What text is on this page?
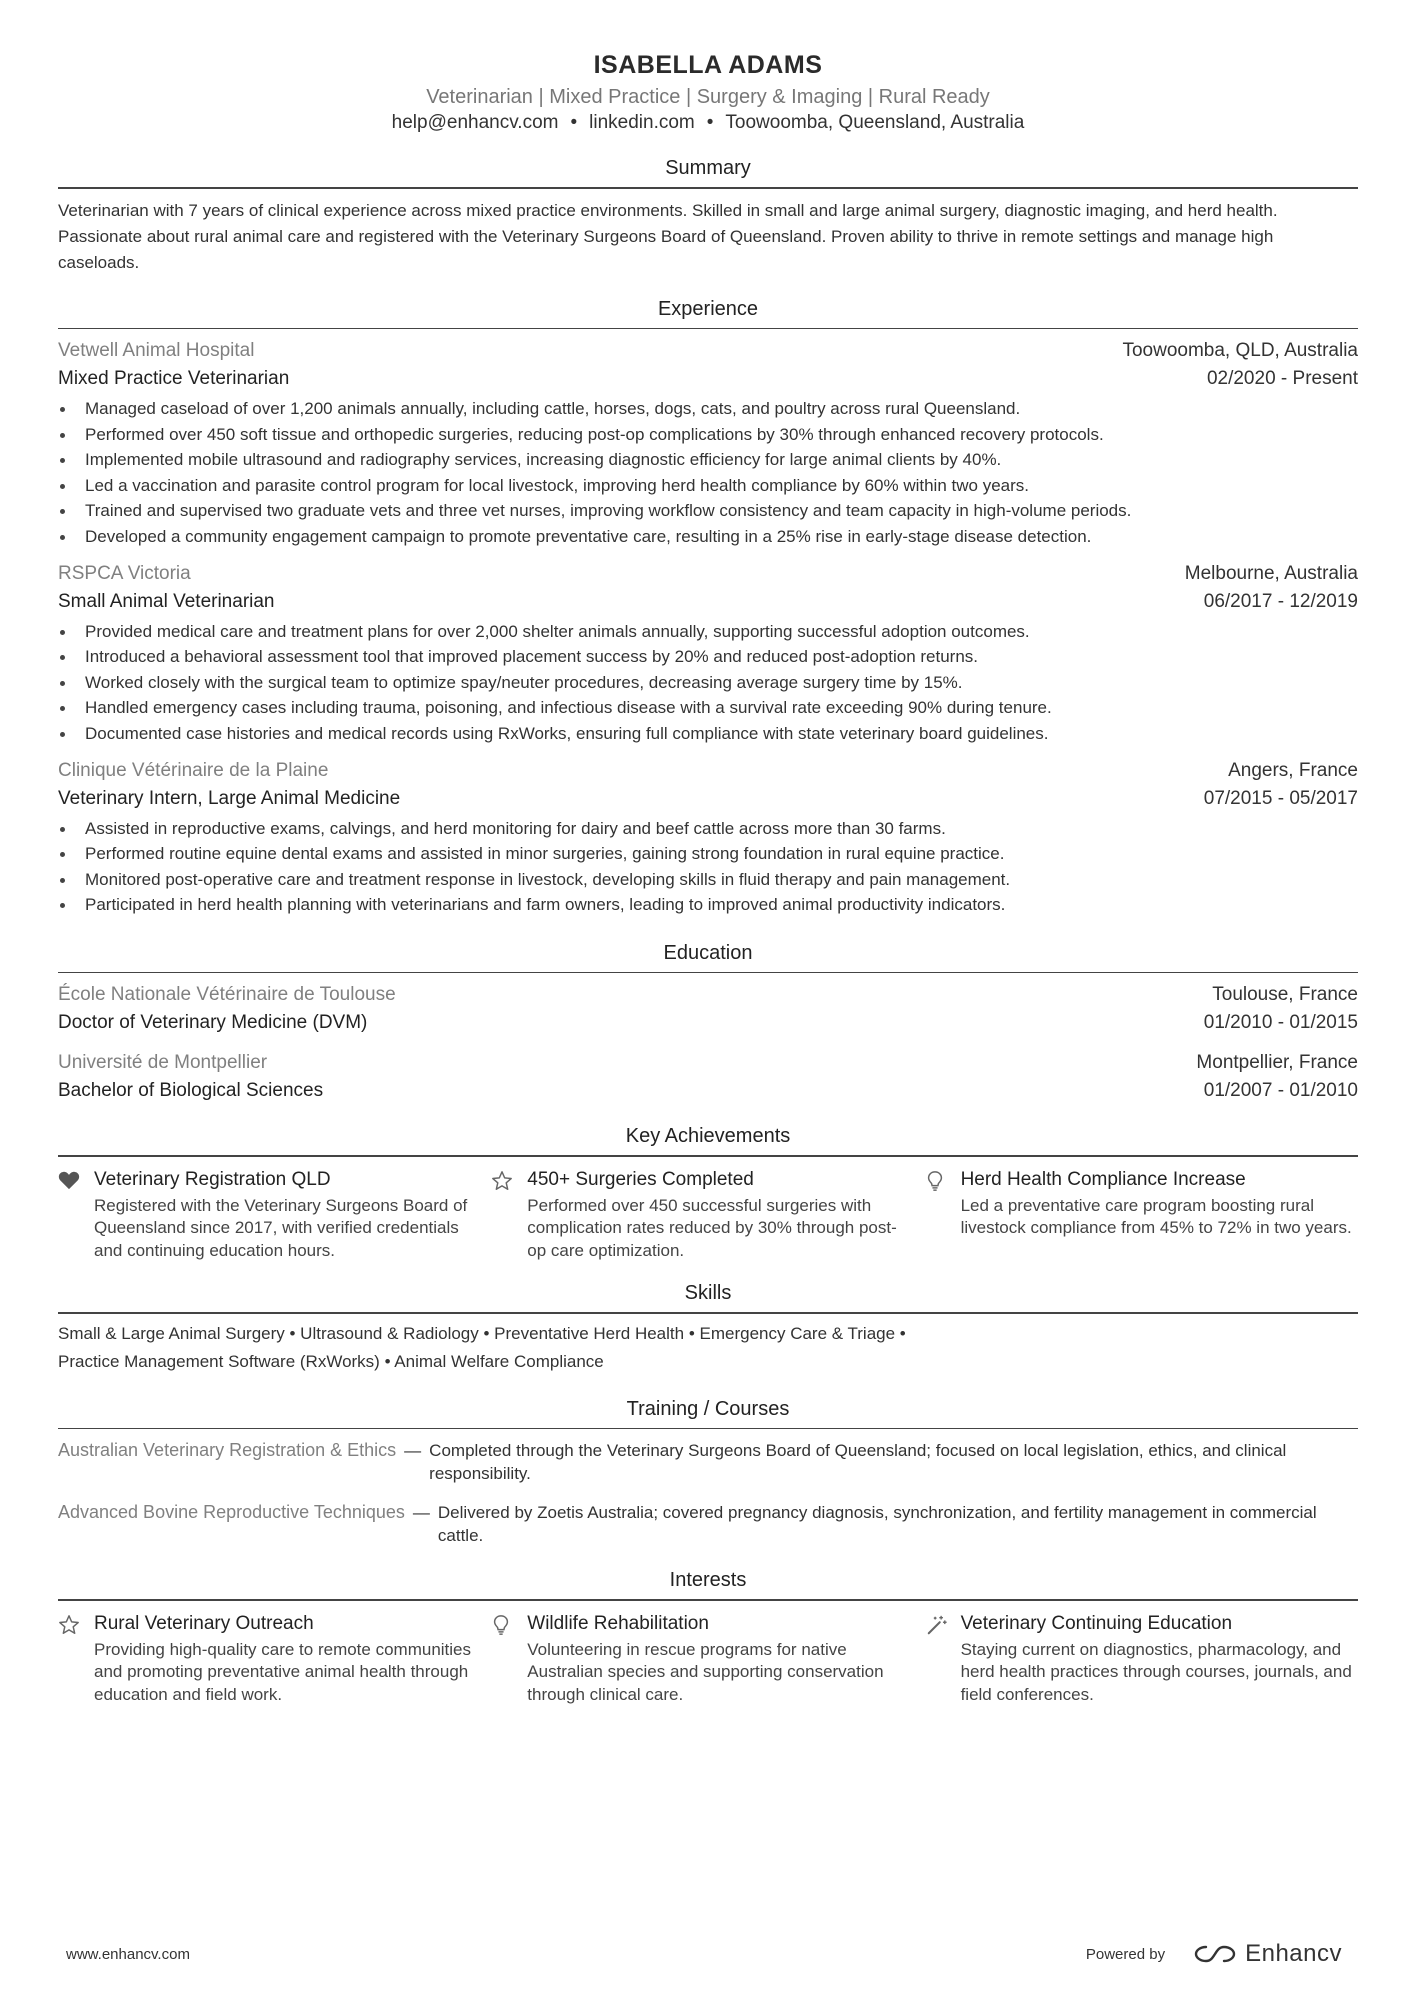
ISABELLA ADAMS
Veterinarian | Mixed Practice | Surgery & Imaging | Rural Ready
help@enhancv.com • linkedin.com • Toowoomba, Queensland, Australia
Summary
Veterinarian with 7 years of clinical experience across mixed practice environments. Skilled in small and large animal surgery, diagnostic imaging, and herd health. Passionate about rural animal care and registered with the Veterinary Surgeons Board of Queensland. Proven ability to thrive in remote settings and manage high caseloads.
Experience
Vetwell Animal Hospital	Toowoomba, QLD, Australia
Mixed Practice Veterinarian	02/2020 - Present
Managed caseload of over 1,200 animals annually, including cattle, horses, dogs, cats, and poultry across rural Queensland.
Performed over 450 soft tissue and orthopedic surgeries, reducing post-op complications by 30% through enhanced recovery protocols.
Implemented mobile ultrasound and radiography services, increasing diagnostic efficiency for large animal clients by 40%.
Led a vaccination and parasite control program for local livestock, improving herd health compliance by 60% within two years.
Trained and supervised two graduate vets and three vet nurses, improving workflow consistency and team capacity in high-volume periods.
Developed a community engagement campaign to promote preventative care, resulting in a 25% rise in early-stage disease detection.
RSPCA Victoria	Melbourne, Australia
Small Animal Veterinarian	06/2017 - 12/2019
Provided medical care and treatment plans for over 2,000 shelter animals annually, supporting successful adoption outcomes.
Introduced a behavioral assessment tool that improved placement success by 20% and reduced post-adoption returns.
Worked closely with the surgical team to optimize spay/neuter procedures, decreasing average surgery time by 15%.
Handled emergency cases including trauma, poisoning, and infectious disease with a survival rate exceeding 90% during tenure.
Documented case histories and medical records using RxWorks, ensuring full compliance with state veterinary board guidelines.
Clinique Vétérinaire de la Plaine	Angers, France
Veterinary Intern, Large Animal Medicine	07/2015 - 05/2017
Assisted in reproductive exams, calvings, and herd monitoring for dairy and beef cattle across more than 30 farms.
Performed routine equine dental exams and assisted in minor surgeries, gaining strong foundation in rural equine practice.
Monitored post-operative care and treatment response in livestock, developing skills in fluid therapy and pain management.
Participated in herd health planning with veterinarians and farm owners, leading to improved animal productivity indicators.
Education
École Nationale Vétérinaire de Toulouse	Toulouse, France
Doctor of Veterinary Medicine (DVM)	01/2010 - 01/2015
Université de Montpellier	Montpellier, France
Bachelor of Biological Sciences	01/2007 - 01/2010
Key Achievements
Veterinary Registration QLD
Registered with the Veterinary Surgeons Board of Queensland since 2017, with verified credentials and continuing education hours.
450+ Surgeries Completed
Performed over 450 successful surgeries with complication rates reduced by 30% through post-op care optimization.
Herd Health Compliance Increase
Led a preventative care program boosting rural livestock compliance from 45% to 72% in two years.
Skills
Small & Large Animal Surgery • Ultrasound & Radiology • Preventative Herd Health • Emergency Care & Triage •
Practice Management Software (RxWorks) • Animal Welfare Compliance
Training / Courses
Australian Veterinary Registration & Ethics — Completed through the Veterinary Surgeons Board of Queensland; focused on local legislation, ethics, and clinical responsibility.
Advanced Bovine Reproductive Techniques — Delivered by Zoetis Australia; covered pregnancy diagnosis, synchronization, and fertility management in commercial cattle.
Interests
Rural Veterinary Outreach
Providing high-quality care to remote communities and promoting preventative animal health through education and field work.
Wildlife Rehabilitation
Volunteering in rescue programs for native Australian species and supporting conservation through clinical care.
Veterinary Continuing Education
Staying current on diagnostics, pharmacology, and herd health practices through courses, journals, and field conferences.
www.enhancv.com	Powered by	Enhancv
